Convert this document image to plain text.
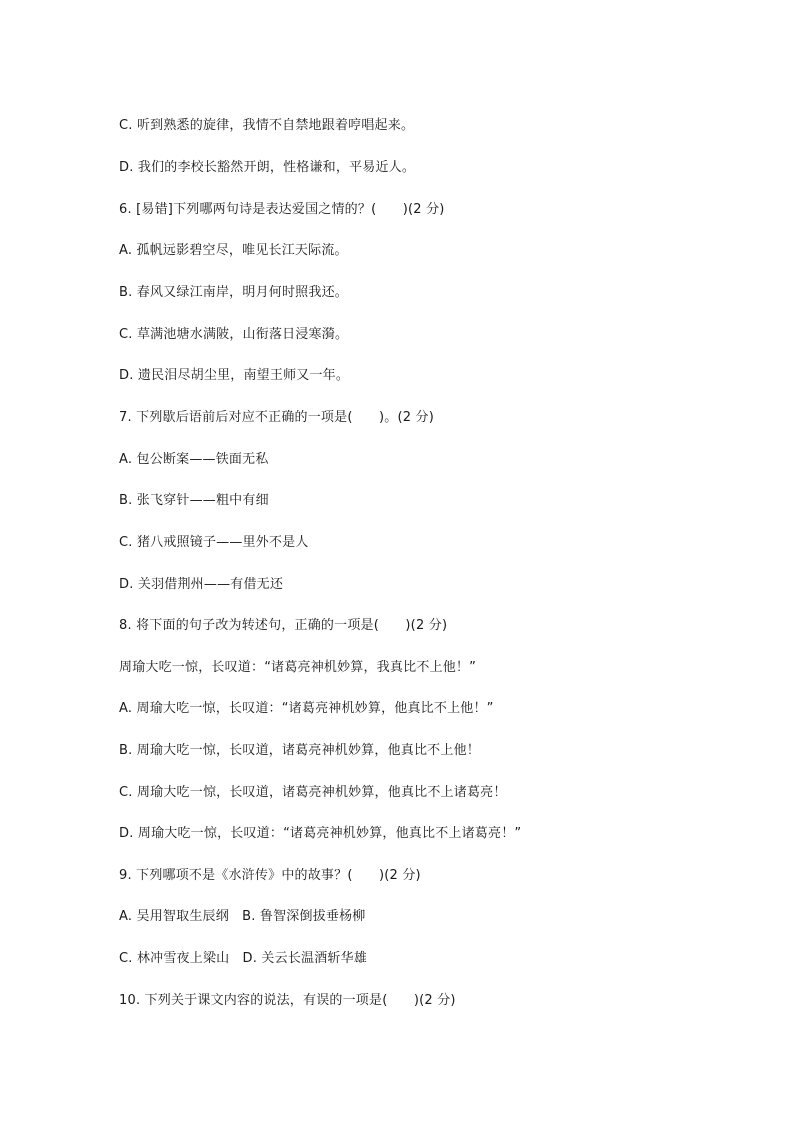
C. 听到熟悉的旋律，我情不自禁地跟着哼唱起来。
D. 我们的李校长豁然开朗，性格谦和，平易近人。
6. [易错]下列哪两句诗是表达爱国之情的？(　　)(2 分)
A. 孤帆远影碧空尽，唯见长江天际流。
B. 春风又绿江南岸，明月何时照我还。
C. 草满池塘水满陂，山衔落日浸寒漪。
D. 遗民泪尽胡尘里，南望王师又一年。
7. 下列歇后语前后对应不正确的一项是(　　)。(2 分)
A. 包公断案——铁面无私
B. 张飞穿针——粗中有细
C. 猪八戒照镜子——里外不是人
D. 关羽借荆州——有借无还
8. 将下面的句子改为转述句，正确的一项是(　　)(2 分)
周瑜大吃一惊，长叹道：“诸葛亮神机妙算，我真比不上他！”
A. 周瑜大吃一惊，长叹道：“诸葛亮神机妙算，他真比不上他！”
B. 周瑜大吃一惊，长叹道，诸葛亮神机妙算，他真比不上他！
C. 周瑜大吃一惊，长叹道，诸葛亮神机妙算，他真比不上诸葛亮！
D. 周瑜大吃一惊，长叹道：“诸葛亮神机妙算，他真比不上诸葛亮！”
9. 下列哪项不是《水浒传》中的故事？(　　)(2 分)
A. 吴用智取生辰纲　B. 鲁智深倒拔垂杨柳
C. 林冲雪夜上梁山　D. 关云长温酒斩华雄
10. 下列关于课文内容的说法，有误的一项是(　　)(2 分)
